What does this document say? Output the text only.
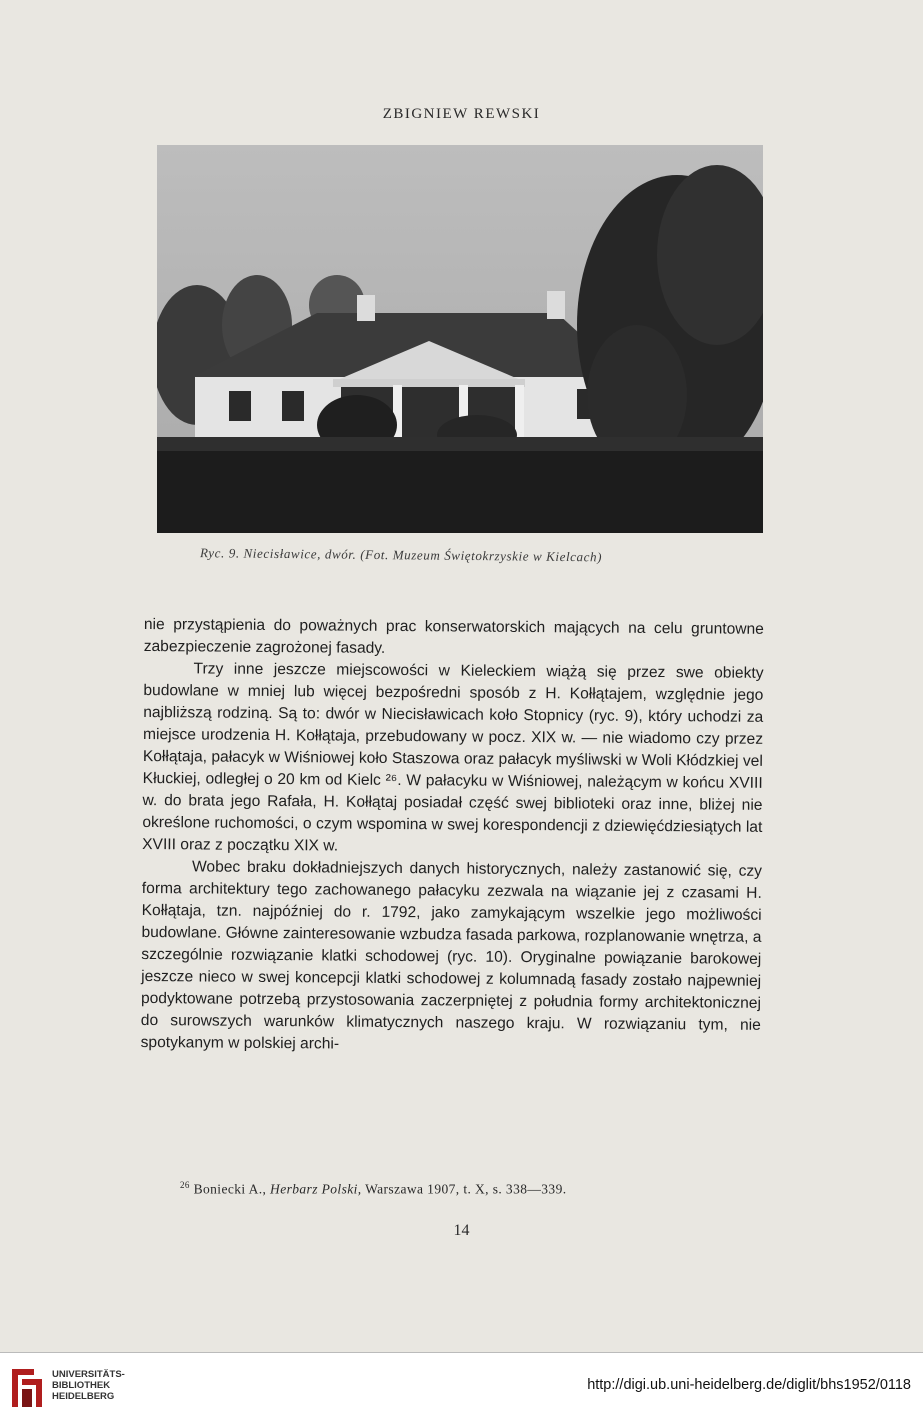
ZBIGNIEW REWSKI
Ryc. 9. Niecisławice, dwór. (Fot. Muzeum Świętokrzyskie w Kielcach)

nie przystąpienia do poważnych prac konserwatorskich mających na celu gruntowne zabezpieczenie zagrożonej fasady.

Trzy inne jeszcze miejscowości w Kieleckiem wiążą się przez swe obiekty budowlane w mniej lub więcej bezpośredni sposób z H. Kołłątajem, względnie jego najbliższą rodziną. Są to: dwór w Niecisławicach koło Stopnicy (ryc. 9), który uchodzi za miejsce urodzenia H. Kołłątaja, przebudowany w pocz. XIX w. — nie wiadomo czy przez Kołłątaja, pałacyk w Wiśniowej koło Staszowa oraz pałacyk myśliwski w Woli Kłódzkiej vel Kłuckiej, odległej o 20 km od Kielc ²⁶. W pałacyku w Wiśniowej, należącym w końcu XVIII w. do brata jego Rafała, H. Kołłątaj posiadał część swej biblioteki oraz inne, bliżej nie określone ruchomości, o czym wspomina w swej korespondencji z dziewięćdziesiątych lat XVIII oraz z początku XIX w.

Wobec braku dokładniejszych danych historycznych, należy zastanowić się, czy forma architektury tego zachowanego pałacyku zezwala na wiązanie jej z czasami H. Kołłątaja, tzn. najpóźniej do r. 1792, jako zamykającym wszelkie jego możliwości budowlane. Główne zainteresowanie wzbudza fasada parkowa, rozplanowanie wnętrza, a szczególnie rozwiązanie klatki schodowej (ryc. 10). Oryginalne powiązanie barokowej jeszcze nieco w swej koncepcji klatki schodowej z kolumnadą fasady zostało najpewniej podyktowane potrzebą przystosowania zaczerpniętej z południa formy architektonicznej do surowszych warunków klimatycznych naszego kraju. W rozwiązaniu tym, nie spotykanym w polskiej archi-

$^{26}$ Boniecki A., Herbarz Polski, Warszawa 1907, t. X, s. 338—339.
14
UNIVERSITÄTS-
BIBLIOTHEK
HEIDELBERG
http://digi.ub.uni-heidelberg.de/diglit/bhs1952/0118
